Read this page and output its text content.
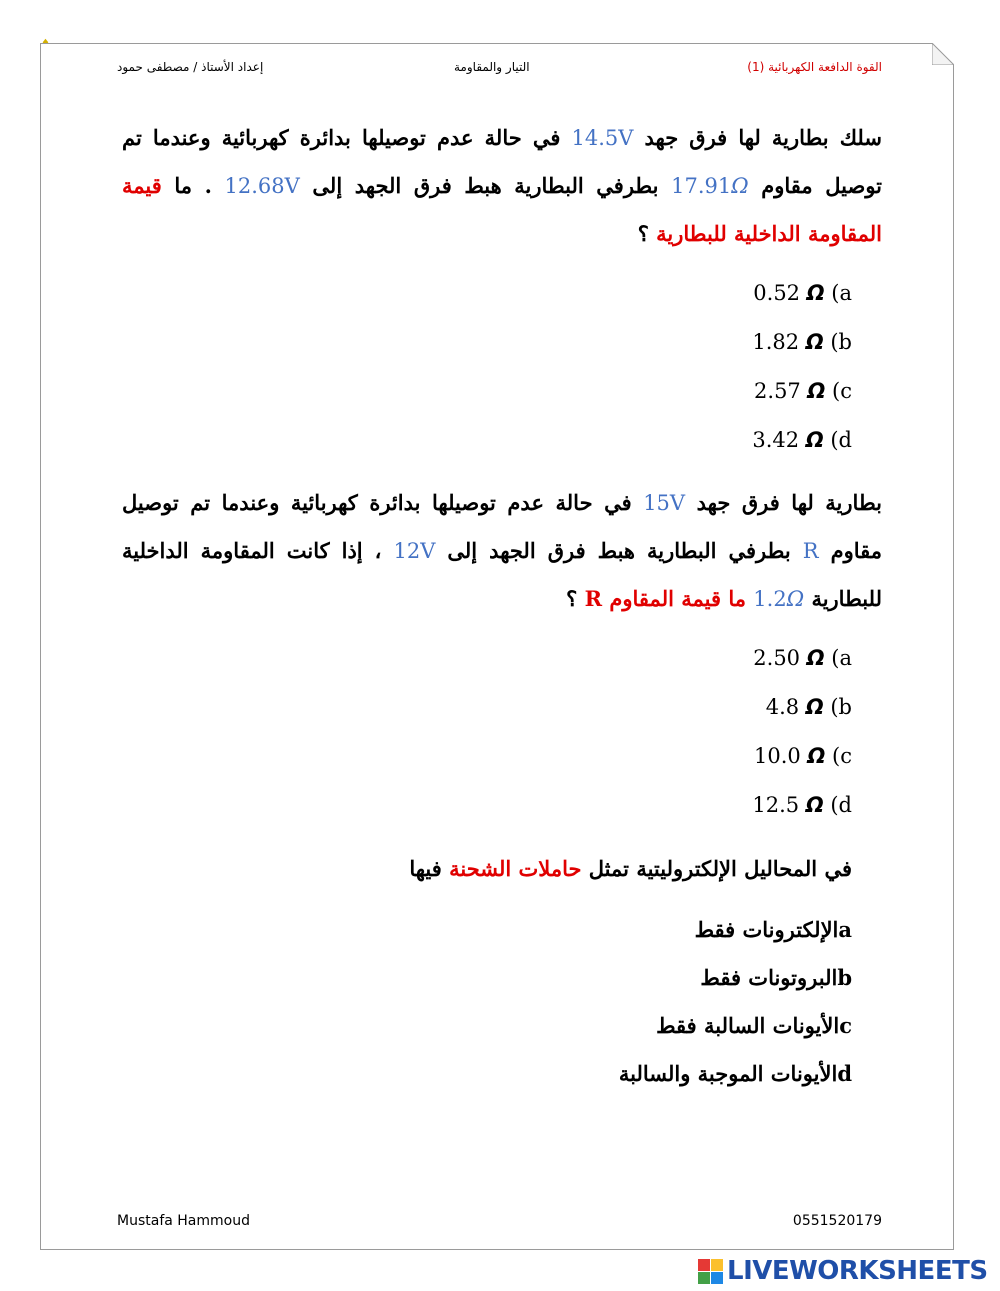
القوة الدافعة الكهربائية (1)
التيار والمقاومة
إعداد الأستاذ / مصطفى حمود
سلك بطارية لها فرق جهد 14.5V في حالة عدم توصيلها بدائرة كهربائية وعندما تم توصيل مقاوم 17.91Ω بطرفي البطارية هبط فرق الجهد إلى 12.68V . ما قيمة المقاومة الداخلية للبطارية ؟
0.52 Ω (a
1.82 Ω (b
2.57 Ω (c
3.42 Ω (d
بطارية لها فرق جهد 15V في حالة عدم توصيلها بدائرة كهربائية وعندما تم توصيل مقاوم R بطرفي البطارية هبط فرق الجهد إلى 12V ، إذا كانت المقاومة الداخلية للبطارية 1.2Ω ما قيمة المقاوم R ؟
2.50 Ω (a
4.8 Ω (b
10.0 Ω (c
12.5 Ω (d
في المحاليل الإلكتروليتية تمثل حاملات الشحنة فيها
aالإلكترونات فقط
bالبروتونات فقط
cالأيونات السالبة فقط
dالأيونات الموجبة والسالبة
Mustafa Hammoud	0551520179
LIVEWORKSHEETS
